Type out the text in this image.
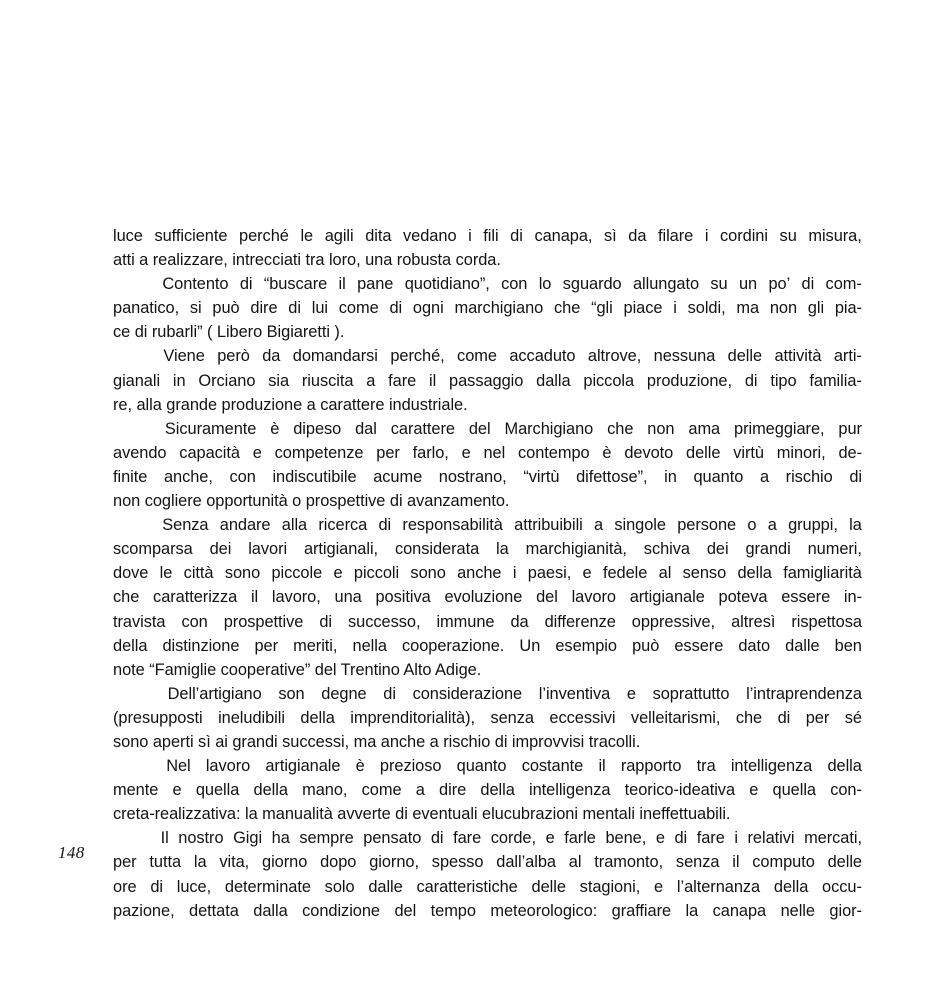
luce sufficiente perché le agili dita vedano i fili di canapa, sì da filare i cordini su misura,
atti a realizzare, intrecciati tra loro, una robusta corda.

Contento di “buscare il pane quotidiano”, con lo sguardo allungato su un po’ di com-
panatico, si può dire di lui come di ogni marchigiano che “gli piace i soldi, ma non gli pia-
ce di rubarli” ( Libero Bigiaretti ).

Viene però da domandarsi perché, come accaduto altrove, nessuna delle attività arti-
gianali in Orciano sia riuscita a fare il passaggio dalla piccola produzione, di tipo familia-
re, alla grande produzione a carattere industriale.

Sicuramente è dipeso dal carattere del Marchigiano che non ama primeggiare, pur
avendo capacità e competenze per farlo, e nel contempo è devoto delle virtù minori, de-
finite anche, con indiscutibile acume nostrano, “virtù difettose”, in quanto a rischio di
non cogliere opportunità o prospettive di avanzamento.

Senza andare alla ricerca di responsabilità attribuibili a singole persone o a gruppi, la
scomparsa dei lavori artigianali, considerata la marchigianità, schiva dei grandi numeri,
dove le città sono piccole e piccoli sono anche i paesi, e fedele al senso della famigliarità
che caratterizza il lavoro, una positiva evoluzione del lavoro artigianale poteva essere in-
travista con prospettive di successo, immune da differenze oppressive, altresì rispettosa
della distinzione per meriti, nella cooperazione. Un esempio può essere dato dalle ben
note “Famiglie cooperative” del Trentino Alto Adige.

Dell’artigiano son degne di considerazione l’inventiva e soprattutto l’intraprendenza
(presupposti ineludibili della imprenditorialità), senza eccessivi velleitarismi, che di per sé
sono aperti sì ai grandi successi, ma anche a rischio di improvvisi tracolli.

Nel lavoro artigianale è prezioso quanto costante il rapporto tra intelligenza della
mente e quella della mano, come a dire della intelligenza teorico-ideativa e quella con-
creta-realizzativa: la manualità avverte di eventuali elucubrazioni mentali ineffettuabili.

Il nostro Gigi ha sempre pensato di fare corde, e farle bene, e di fare i relativi mercati,
per tutta la vita, giorno dopo giorno, spesso dall’alba al tramonto, senza il computo delle
ore di luce, determinate solo dalle caratteristiche delle stagioni, e l’alternanza della occu-
pazione, dettata dalla condizione del tempo meteorologico: graffiare la canapa nelle gior-

148
